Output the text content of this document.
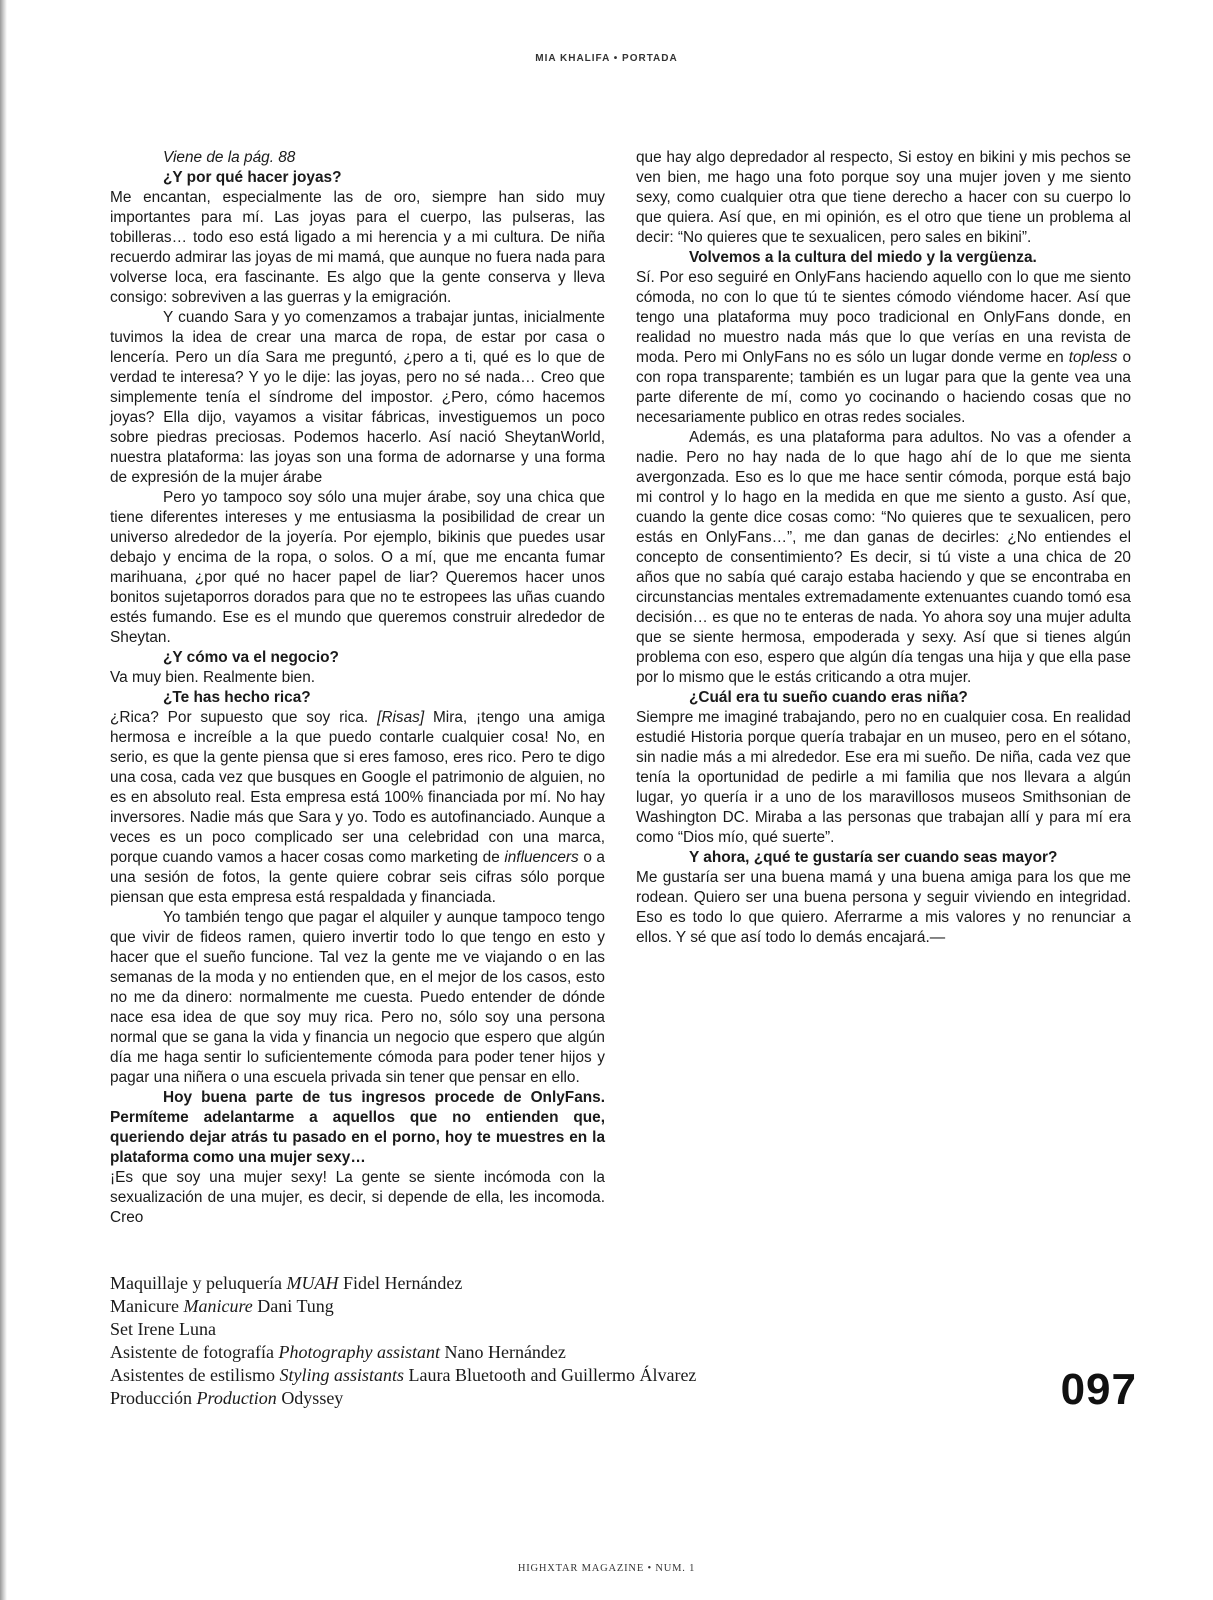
MIA KHALIFA • PORTADA

Viene de la pág. 88

¿Y por qué hacer joyas?

Me encantan, especialmente las de oro, siempre han sido muy importantes para mí. Las joyas para el cuerpo, las pulseras, las tobilleras… todo eso está ligado a mi herencia y a mi cultura. De niña recuerdo admirar las joyas de mi mamá, que aunque no fuera nada para volverse loca, era fascinante. Es algo que la gente conserva y lleva consigo: sobreviven a las guerras y la emigración.

Y cuando Sara y yo comenzamos a trabajar juntas, inicialmente tuvimos la idea de crear una marca de ropa, de estar por casa o lencería. Pero un día Sara me preguntó, ¿pero a ti, qué es lo que de verdad te interesa? Y yo le dije: las joyas, pero no sé nada… Creo que simplemente tenía el síndrome del impostor. ¿Pero, cómo hacemos joyas? Ella dijo, vayamos a visitar fábricas, investiguemos un poco sobre piedras preciosas. Podemos hacerlo. Así nació SheytanWorld, nuestra plataforma: las joyas son una forma de adornarse y una forma de expresión de la mujer árabe

Pero yo tampoco soy sólo una mujer árabe, soy una chica que tiene diferentes intereses y me entusiasma la posibilidad de crear un universo alrededor de la joyería. Por ejemplo, bikinis que puedes usar debajo y encima de la ropa, o solos. O a mí, que me encanta fumar marihuana, ¿por qué no hacer papel de liar? Queremos hacer unos bonitos sujetaporros dorados para que no te estropees las uñas cuando estés fumando. Ese es el mundo que queremos construir alrededor de Sheytan.

¿Y cómo va el negocio?

Va muy bien. Realmente bien.

¿Te has hecho rica?

¿Rica? Por supuesto que soy rica. [Risas] Mira, ¡tengo una amiga hermosa e increíble a la que puedo contarle cualquier cosa! No, en serio, es que la gente piensa que si eres famoso, eres rico. Pero te digo una cosa, cada vez que busques en Google el patrimonio de alguien, no es en absoluto real. Esta empresa está 100% financiada por mí. No hay inversores. Nadie más que Sara y yo. Todo es autofinanciado. Aunque a veces es un poco complicado ser una celebridad con una marca, porque cuando vamos a hacer cosas como marketing de influencers o a una sesión de fotos, la gente quiere cobrar seis cifras sólo porque piensan que esta empresa está respaldada y financiada.

Yo también tengo que pagar el alquiler y aunque tampoco tengo que vivir de fideos ramen, quiero invertir todo lo que tengo en esto y hacer que el sueño funcione. Tal vez la gente me ve viajando o en las semanas de la moda y no entienden que, en el mejor de los casos, esto no me da dinero: normalmente me cuesta. Puedo entender de dónde nace esa idea de que soy muy rica. Pero no, sólo soy una persona normal que se gana la vida y financia un negocio que espero que algún día me haga sentir lo suficientemente cómoda para poder tener hijos y pagar una niñera o una escuela privada sin tener que pensar en ello.

Hoy buena parte de tus ingresos procede de OnlyFans. Permíteme adelantarme a aquellos que no entienden que, queriendo dejar atrás tu pasado en el porno, hoy te muestres en la plataforma como una mujer sexy…

¡Es que soy una mujer sexy! La gente se siente incómoda con la sexualización de una mujer, es decir, si depende de ella, les incomoda. Creo

que hay algo depredador al respecto, Si estoy en bikini y mis pechos se ven bien, me hago una foto porque soy una mujer joven y me siento sexy, como cualquier otra que tiene derecho a hacer con su cuerpo lo que quiera. Así que, en mi opinión, es el otro que tiene un problema al decir: “No quieres que te sexualicen, pero sales en bikini”.

Volvemos a la cultura del miedo y la vergüenza.

Sí. Por eso seguiré en OnlyFans haciendo aquello con lo que me siento cómoda, no con lo que tú te sientes cómodo viéndome hacer. Así que tengo una plataforma muy poco tradicional en OnlyFans donde, en realidad no muestro nada más que lo que verías en una revista de moda. Pero mi OnlyFans no es sólo un lugar donde verme en topless o con ropa transparente; también es un lugar para que la gente vea una parte diferente de mí, como yo cocinando o haciendo cosas que no necesariamente publico en otras redes sociales.

Además, es una plataforma para adultos. No vas a ofender a nadie. Pero no hay nada de lo que hago ahí de lo que me sienta avergonzada. Eso es lo que me hace sentir cómoda, porque está bajo mi control y lo hago en la medida en que me siento a gusto. Así que, cuando la gente dice cosas como: “No quieres que te sexualicen, pero estás en OnlyFans…”, me dan ganas de decirles: ¿No entiendes el concepto de consentimiento? Es decir, si tú viste a una chica de 20 años que no sabía qué carajo estaba haciendo y que se encontraba en circunstancias mentales extremadamente extenuantes cuando tomó esa decisión… es que no te enteras de nada. Yo ahora soy una mujer adulta que se siente hermosa, empoderada y sexy. Así que si tienes algún problema con eso, espero que algún día tengas una hija y que ella pase por lo mismo que le estás criticando a otra mujer.

¿Cuál era tu sueño cuando eras niña?

Siempre me imaginé trabajando, pero no en cualquier cosa. En realidad estudié Historia porque quería trabajar en un museo, pero en el sótano, sin nadie más a mi alrededor. Ese era mi sueño. De niña, cada vez que tenía la oportunidad de pedirle a mi familia que nos llevara a algún lugar, yo quería ir a uno de los maravillosos museos Smithsonian de Washington DC. Miraba a las personas que trabajan allí y para mí era como “Dios mío, qué suerte”.

Y ahora, ¿qué te gustaría ser cuando seas mayor?

Me gustaría ser una buena mamá y una buena amiga para los que me rodean. Quiero ser una buena persona y seguir viviendo en integridad. Eso es todo lo que quiero. Aferrarme a mis valores y no renunciar a ellos. Y sé que así todo lo demás encajará.—

Maquillaje y peluquería MUAH Fidel Hernández
Manicure Manicure Dani Tung
Set Irene Luna
Asistente de fotografía Photography assistant Nano Hernández
Asistentes de estilismo Styling assistants Laura Bluetooth and Guillermo Álvarez
Producción Production Odyssey	097
HIGHXTAR MAGAZINE • NUM. 1
